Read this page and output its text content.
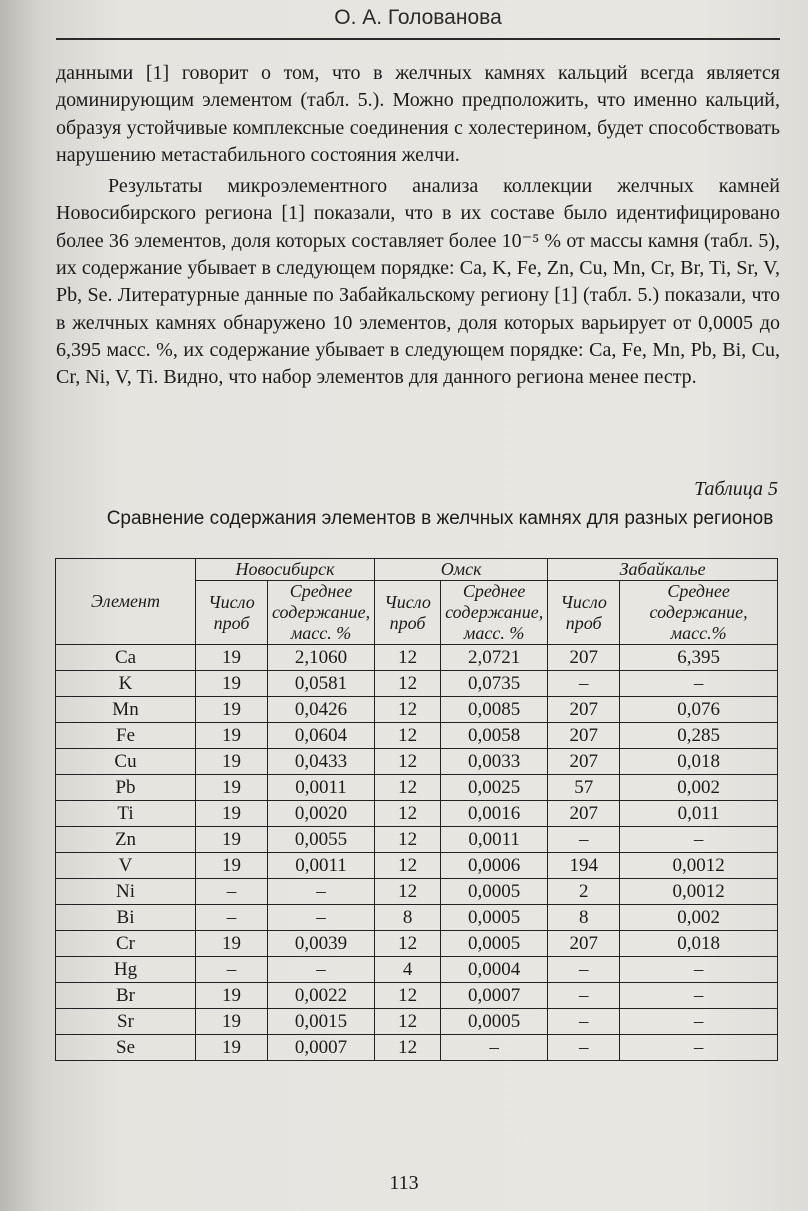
О. А. Голованова

данными [1] говорит о том, что в желчных камнях кальций всегда является доминирующим элементом (табл. 5.). Можно предположить, что именно кальций, образуя устойчивые комплексные соединения с холестерином, будет способствовать нарушению метастабильного состояния желчи.

Результаты микроэлементного анализа коллекции желчных камней Новосибирского региона [1] показали, что в их составе было идентифицировано более 36 элементов, доля которых составляет более 10⁻⁵ % от массы камня (табл. 5), их содержание убывает в следующем порядке: Ca, K, Fe, Zn, Cu, Mn, Cr, Br, Ti, Sr, V, Pb, Se. Литературные данные по Забайкальскому региону [1] (табл. 5.) показали, что в желчных камнях обнаружено 10 элементов, доля которых варьирует от 0,0005 до 6,395 масс. %, их содержание убывает в следующем порядке: Ca, Fe, Mn, Pb, Bi, Cu, Cr, Ni, V, Ti. Видно, что набор элементов для данного региона менее пестр.

Таблица 5
Сравнение содержания элементов в желчных камнях для разных регионов
Элемент	Новосибирск		Омск		Забайкалье	
	Число проб	Среднее содержание, масс. %	Число проб	Среднее содержание, масс. %	Число проб	Среднее содержание, масс.%
Ca	19	2,1060	12	2,0721	207	6,395
K	19	0,0581	12	0,0735	–	–
Mn	19	0,0426	12	0,0085	207	0,076
Fe	19	0,0604	12	0,0058	207	0,285
Cu	19	0,0433	12	0,0033	207	0,018
Pb	19	0,0011	12	0,0025	57	0,002
Ti	19	0,0020	12	0,0016	207	0,011
Zn	19	0,0055	12	0,0011	–	–
V	19	0,0011	12	0,0006	194	0,0012
Ni	–	–	12	0,0005	2	0,0012
Bi	–	–	8	0,0005	8	0,002
Cr	19	0,0039	12	0,0005	207	0,018
Hg	–	–	4	0,0004	–	–
Br	19	0,0022	12	0,0007	–	–
Sr	19	0,0015	12	0,0005	–	–
Se	19	0,0007	12	–	–	–
113
